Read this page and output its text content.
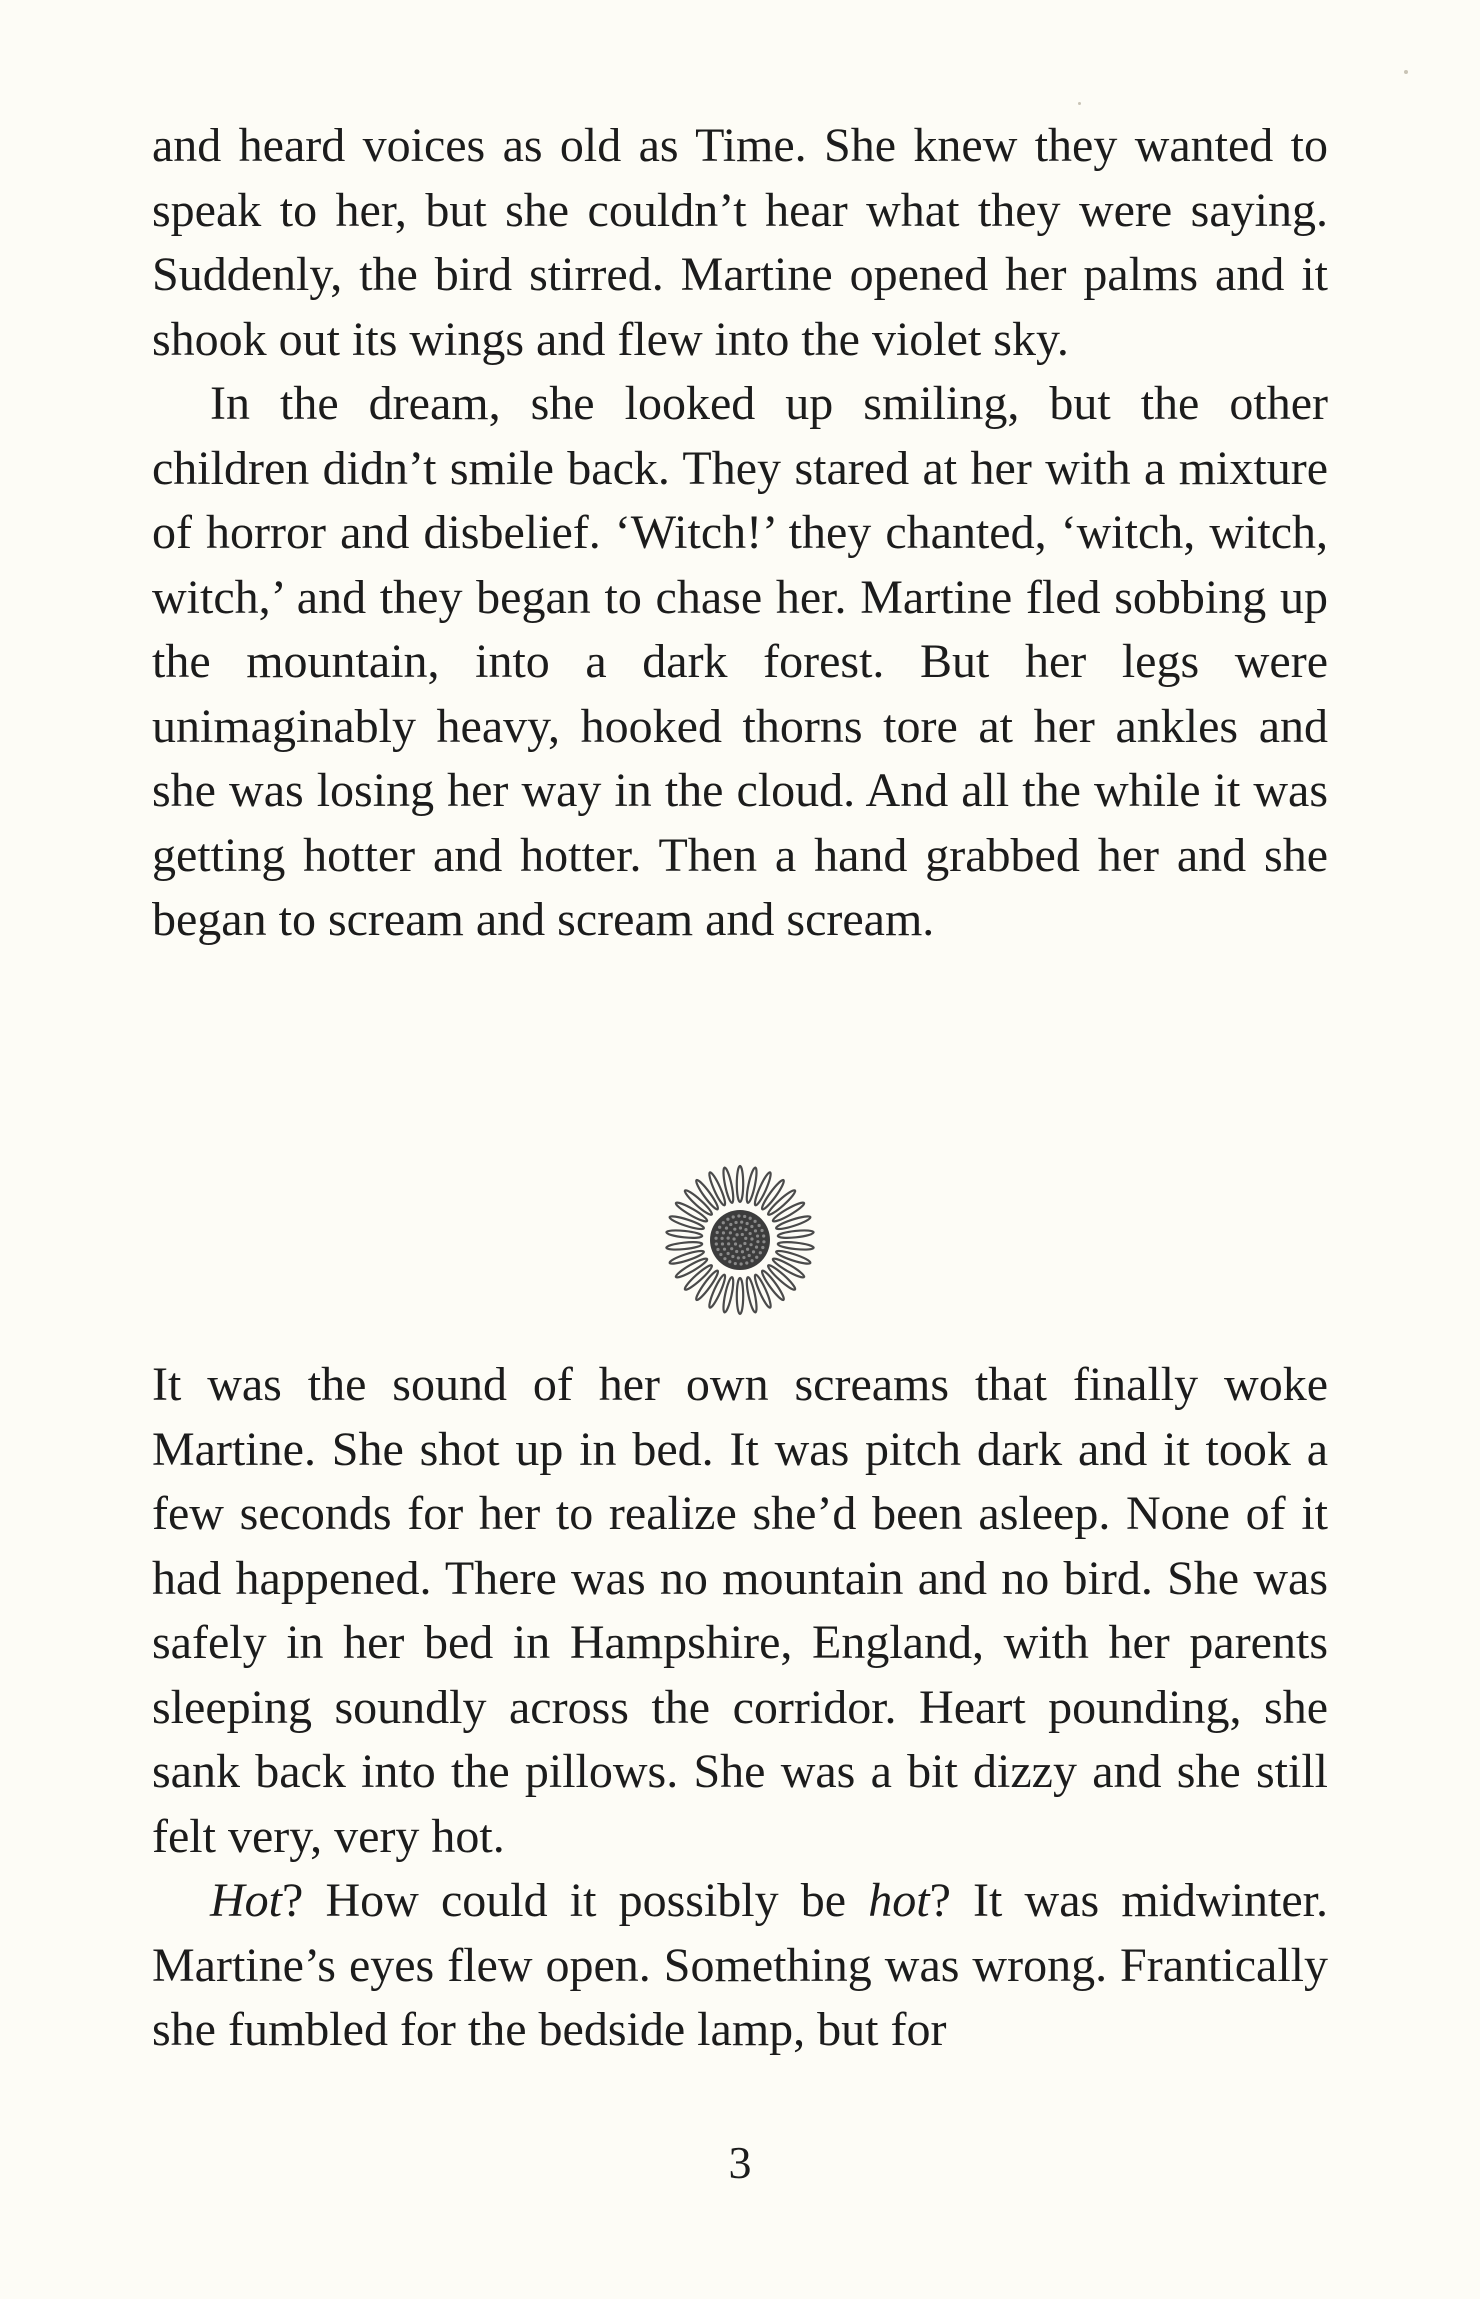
and heard voices as old as Time. She knew they wanted to speak to her, but she couldn’t hear what they were saying. Suddenly, the bird stirred. Martine opened her palms and it shook out its wings and flew into the violet sky.

In the dream, she looked up smiling, but the other children didn’t smile back. They stared at her with a mixture of horror and disbelief. ‘Witch!’ they chanted, ‘witch, witch, witch,’ and they began to chase her. Martine fled sobbing up the mountain, into a dark forest. But her legs were unimaginably heavy, hooked thorns tore at her ankles and she was losing her way in the cloud. And all the while it was getting hotter and hotter. Then a hand grabbed her and she began to scream and scream and scream.

It was the sound of her own screams that finally woke Martine. She shot up in bed. It was pitch dark and it took a few seconds for her to realize she’d been asleep. None of it had happened. There was no mountain and no bird. She was safely in her bed in Hampshire, England, with her parents sleeping soundly across the corridor. Heart pounding, she sank back into the pillows. She was a bit dizzy and she still felt very, very hot.

Hot? How could it possibly be hot? It was midwinter. Martine’s eyes flew open. Something was wrong. Frantically she fumbled for the bedside lamp, but for

3
